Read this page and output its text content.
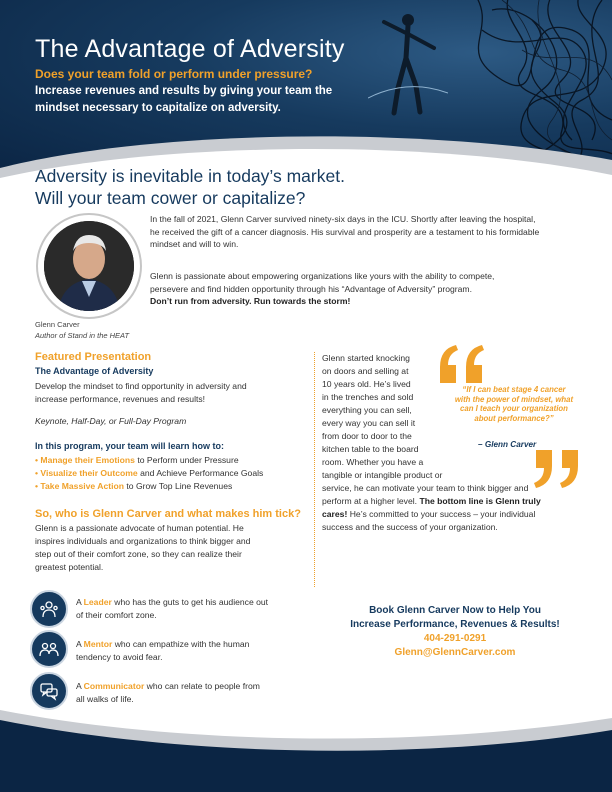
The Advantage of Adversity
Does your team fold or perform under pressure?
Increase revenues and results by giving your team the
mindset necessary to capitalize on adversity.
Adversity is inevitable in today’s market.
Will your team cower or capitalize?
Glenn Carver
Author of Stand in the HEAT

In the fall of 2021, Glenn Carver survived ninety-six days in the ICU. Shortly after leaving the hospital,
he received the gift of a cancer diagnosis. His survival and prosperity are a testament to his formidable
mindset and will to win.

Glenn is passionate about empowering organizations like yours with the ability to compete,
persevere and find hidden opportunity through his “Advantage of Adversity” program.

Don’t run from adversity. Run towards the storm!

Featured Presentation
The Advantage of Adversity
Develop the mindset to find opportunity in adversity and
increase performance, revenues and results!
Keynote, Half-Day, or Full-Day Program
In this program, your team will learn how to:
• Manage their Emotions to Perform under Pressure
• Visualize their Outcome and Achieve Performance Goals
• Take Massive Action to Grow Top Line Revenues
So, who is Glenn Carver and what makes him tick?
Glenn is a passionate advocate of human potential. He
inspires individuals and organizations to think bigger and
step out of their comfort zone, so they can realize their
greatest potential.
A Leader who has the guts to get his audience out
of their comfort zone.
A Mentor who can empathize with the human
tendency to avoid fear.
A Communicator who can relate to people from
all walks of life.
Glenn started knocking
on doors and selling at
10 years old. He’s lived
in the trenches and sold
everything you can sell,
every way you can sell it
from door to door to the
kitchen table to the board
room. Whether you have a
tangible or intangible product or
service, he can motivate your team to think bigger and
perform at a higher level. The bottom line is Glenn truly
cares! He’s committed to your success – your individual
success and the success of your organization.
“If I can beat stage 4 cancer with the power of mindset, what can I teach your organization about performance?”
– Glenn Carver
Book Glenn Carver Now to Help You
Increase Performance, Revenues & Results!
404-291-0291
Glenn@GlennCarver.com
